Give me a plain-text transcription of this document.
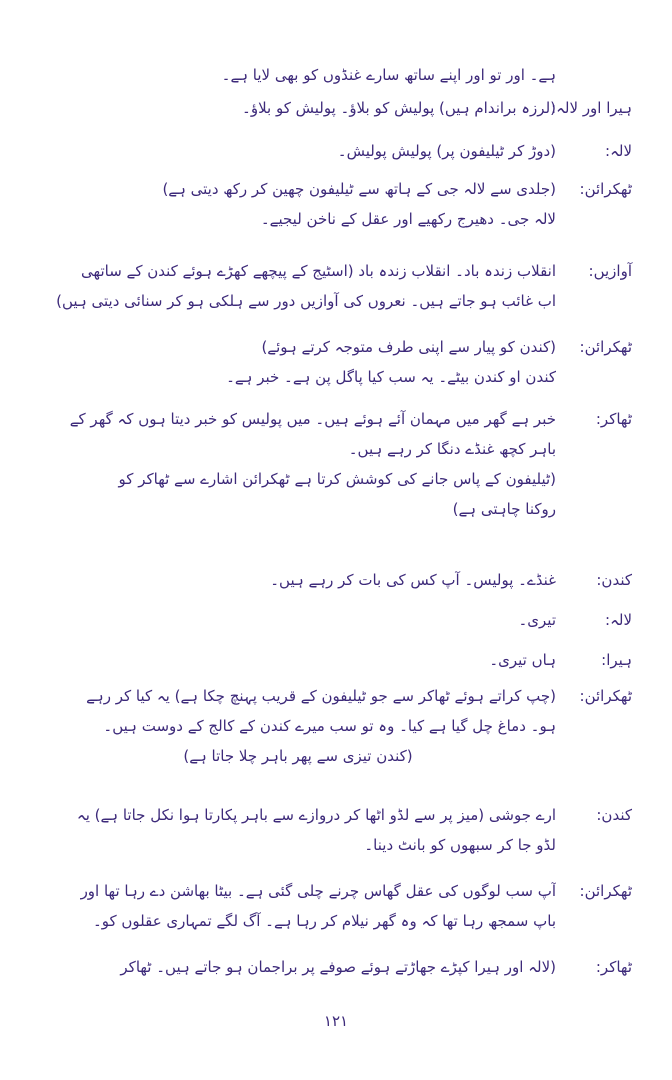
ہے۔ اور تو اور اپنے ساتھ سارے غنڈوں کو بھی لایا ہے۔
ہیرا اور لالہ:
(لرزہ براندام ہیں) پولیش کو بلاؤ۔ پولیش کو بلاؤ۔
لالہ:
(دوڑ کر ٹیلیفون پر) پولیش پولیش۔
ٹھکرائن:
(جلدی سے لالہ جی کے ہاتھ سے ٹیلیفون چھین کر رکھ دیتی ہے)
لالہ جی۔ دھیرج رکھیے اور عقل کے ناخن لیجیے۔
آوازیں:
انقلاب زندہ باد۔ انقلاب زندہ باد (اسٹیج کے پیچھے کھڑے ہوئے کندن کے ساتھی
اب غائب ہو جاتے ہیں۔ نعروں کی آوازیں دور سے ہلکی ہو کر سنائی دیتی ہیں)
ٹھکرائن:
(کندن کو پیار سے اپنی طرف متوجہ کرتے ہوئے)
کندن او کندن بیٹے۔ یہ سب کیا پاگل پن ہے۔ خبر ہے۔
ٹھاکر:
خبر ہے گھر میں مہمان آئے ہوئے ہیں۔ میں پولیس کو خبر دیتا ہوں کہ گھر کے
باہر کچھ غنڈے دنگا کر رہے ہیں۔
(ٹیلیفون کے پاس جانے کی کوشش کرتا ہے ٹھکرائن اشارے سے ٹھاکر کو
روکنا چاہتی ہے)
کندن:
غنڈے۔ پولیس۔ آپ کس کی بات کر رہے ہیں۔
لالہ:
تیری۔
ہیرا:
ہاں تیری۔
ٹھکرائن:
(چپ کراتے ہوئے ٹھاکر سے جو ٹیلیفون کے قریب پہنچ چکا ہے) یہ کیا کر رہے
ہو۔ دماغ چل گیا ہے کیا۔ وہ تو سب میرے کندن کے کالج کے دوست ہیں۔
(کندن تیزی سے پھر باہر چلا جاتا ہے)
کندن:
ارے جوشی (میز پر سے لڈو اٹھا کر دروازے سے باہر پکارتا ہوا نکل جاتا ہے) یہ
لڈو جا کر سبھوں کو بانٹ دینا۔
ٹھکرائن:
آپ سب لوگوں کی عقل گھاس چرنے چلی گئی ہے۔ بیٹا بھاشن دے رہا تھا اور
باپ سمجھ رہا تھا کہ وہ گھر نیلام کر رہا ہے۔ آگ لگے تمہاری عقلوں کو۔
ٹھاکر:
(لالہ اور ہیرا کپڑے جھاڑتے ہوئے صوفے پر براجمان ہو جاتے ہیں۔ ٹھاکر
۱۲۱
